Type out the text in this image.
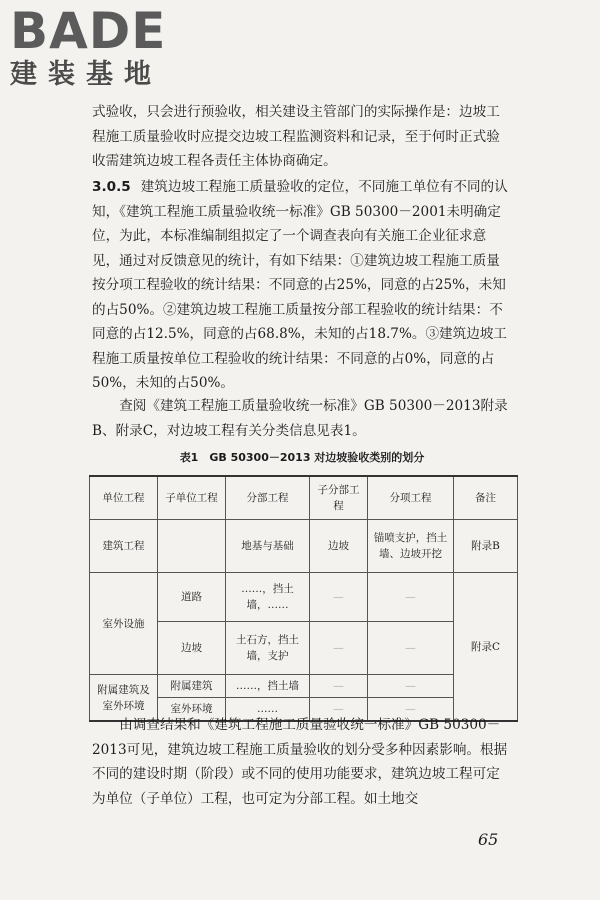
BADE
建装基地

式验收，只会进行预验收，相关建设主管部门的实际操作是：边坡工程施工质量验收时应提交边坡工程监测资料和记录，至于何时正式验收需建筑边坡工程各责任主体协商确定。

3.0.5 建筑边坡工程施工质量验收的定位，不同施工单位有不同的认知，《建筑工程施工质量验收统一标准》GB 50300－2001未明确定位，为此，本标准编制组拟定了一个调查表向有关施工企业征求意见，通过对反馈意见的统计，有如下结果：①建筑边坡工程施工质量按分项工程验收的统计结果：不同意的占25%，同意的占25%，未知的占50%。②建筑边坡工程施工质量按分部工程验收的统计结果：不同意的占12.5%，同意的占68.8%，未知的占18.7%。③建筑边坡工程施工质量按单位工程验收的统计结果：不同意的占0%，同意的占50%，未知的占50%。

查阅《建筑工程施工质量验收统一标准》GB 50300－2013附录B、附录C，对边坡工程有关分类信息见表1。

表1　GB 50300－2013 对边坡验收类别的划分
单位工程	子单位工程	分部工程	子分部工程	分项工程	备注
建筑工程		地基与基础	边坡	锚喷支护，挡土墙、边坡开挖	附录B
室外设施	道路	……，挡土墙，……	—	—	附录C
	边坡	土石方，挡土墙，支护	—	—	
附属建筑及室外环境	附属建筑	……，挡土墙	—	—	
	室外环境	……	—	—	

由调查结果和《建筑工程施工质量验收统一标准》GB 50300－2013可见，建筑边坡工程施工质量验收的划分受多种因素影响。根据不同的建设时期（阶段）或不同的使用功能要求，建筑边坡工程可定为单位（子单位）工程，也可定为分部工程。如土地交

65
